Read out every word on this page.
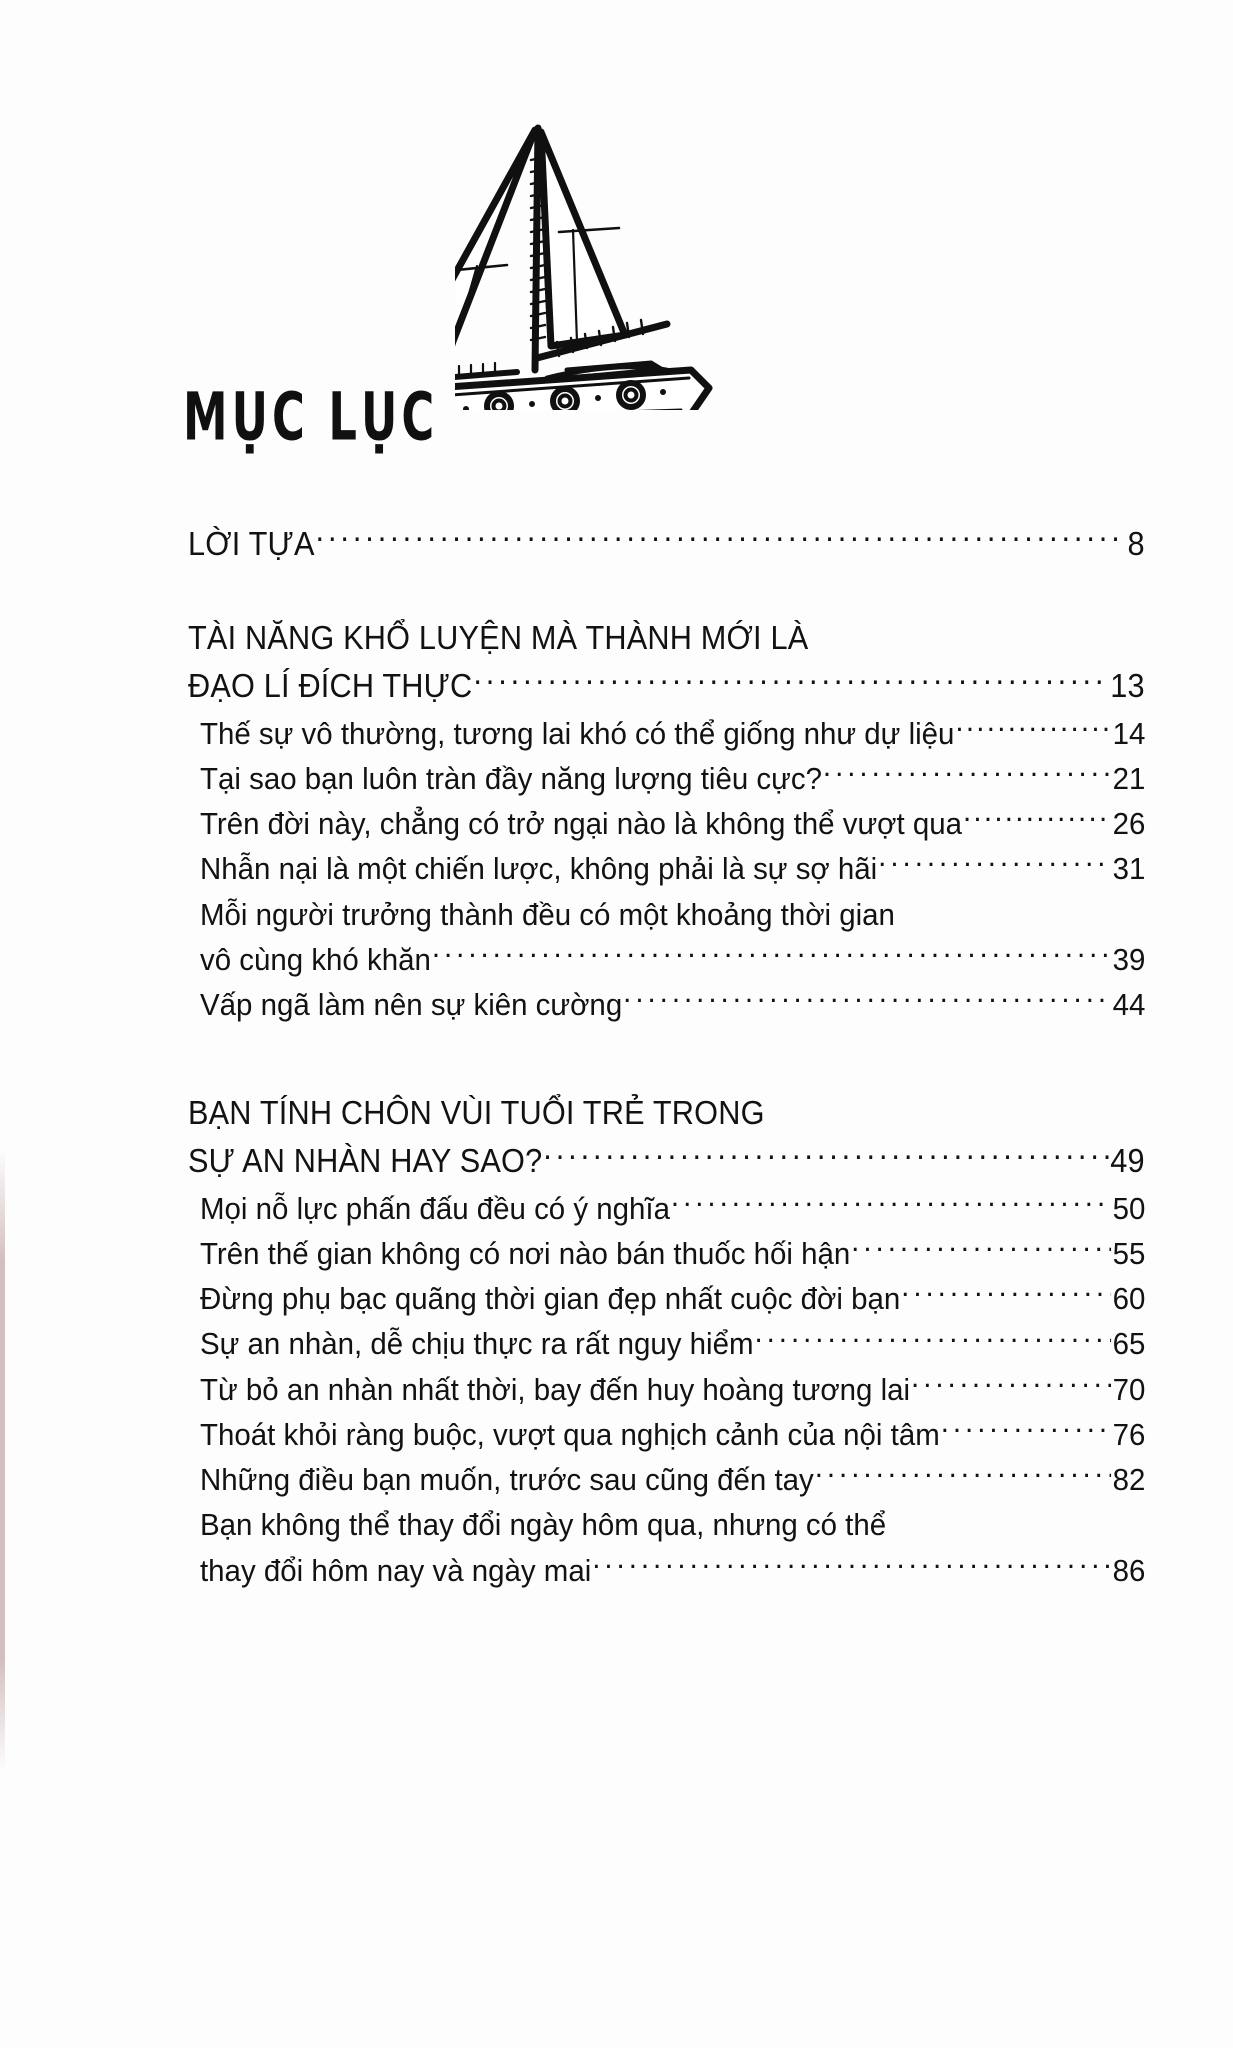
MỤC LỤC
LỜI TỰA .....	8
TÀI NĂNG KHỔ LUYỆN MÀ THÀNH MỚI LÀ
ĐẠO LÍ ĐÍCH THỰC .....	13
Thế sự vô thường, tương lai khó có thể giống như dự liệu .....	14
Tại sao bạn luôn tràn đầy năng lượng tiêu cực? .....	21
Trên đời này, chẳng có trở ngại nào là không thể vượt qua .....	26
Nhẫn nại là một chiến lược, không phải là sự sợ hãi .....	31
Mỗi người trưởng thành đều có một khoảng thời gian
vô cùng khó khăn .....	39
Vấp ngã làm nên sự kiên cường .....	44
BẠN TÍNH CHÔN VÙI TUỔI TRẺ TRONG
SỰ AN NHÀN HAY SAO? .....	49
Mọi nỗ lực phấn đấu đều có ý nghĩa .....	50
Trên thế gian không có nơi nào bán thuốc hối hận .....	55
Đừng phụ bạc quãng thời gian đẹp nhất cuộc đời bạn .....	60
Sự an nhàn, dễ chịu thực ra rất nguy hiểm .....	65
Từ bỏ an nhàn nhất thời, bay đến huy hoàng tương lai .....	70
Thoát khỏi ràng buộc, vượt qua nghịch cảnh của nội tâm .....	76
Những điều bạn muốn, trước sau cũng đến tay .....	82
Bạn không thể thay đổi ngày hôm qua, nhưng có thể
thay đổi hôm nay và ngày mai .....	86
